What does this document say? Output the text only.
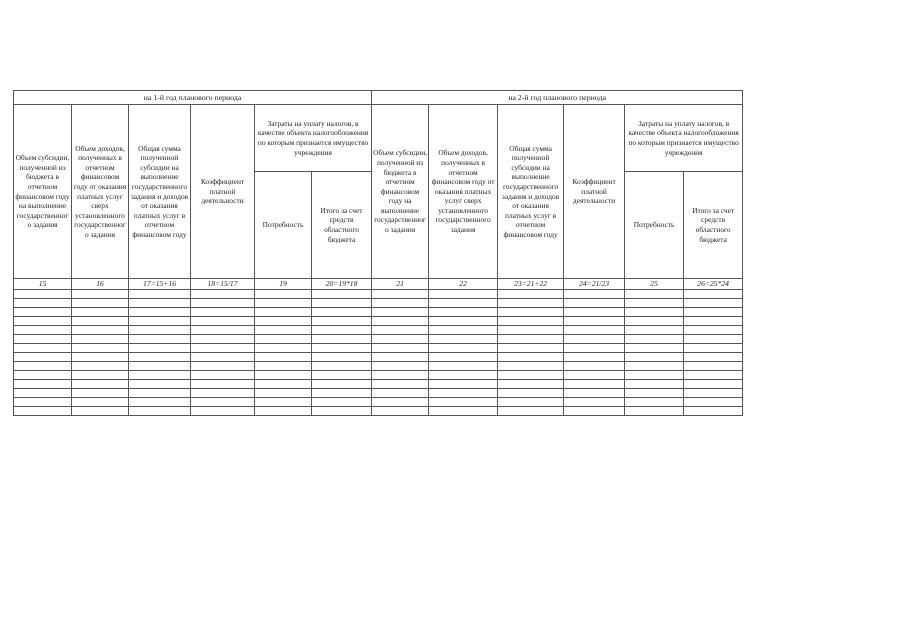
на 1-й год планового периода						на 2-й год планового периода					
Объем субсидии, полученной из бюджета в отчетном финансовом году на выполнение государственного задания	Объем доходов, полученных в отчетном финансовом году от оказания платных услуг сверх установленного государственного задания	Общая сумма полученной субсидии на выполнение государственного задания и доходов от оказания платных услуг в отчетном финансовом году	Коэффициент платной деятельности	Затраты на уплату налогов, в качестве объекта налогообложения по которым признается имущество учреждения		Объем субсидии, полученной из бюджета в отчетном финансовом году на выполнение государственного задания	Объем доходов, полученных в отчетном финансовом году от оказания платных услуг сверх установленного государственного задания	Общая сумма полученной субсидии на выполнение государственного задания и доходов от оказания платных услуг в отчетном финансовом году	Коэффициент платной деятельности	Затраты на уплату налогов, в качестве объекта налогообложения по которым признается имущество учреждения	
				Потребность	Итого за счет средств областного бюджета					Потребность	Итого за счет средств областного бюджета
15	16	17=15+16	18=15/17	19	20=19*18	21	22	23=21+22	24=21/23	25	26=25*24
